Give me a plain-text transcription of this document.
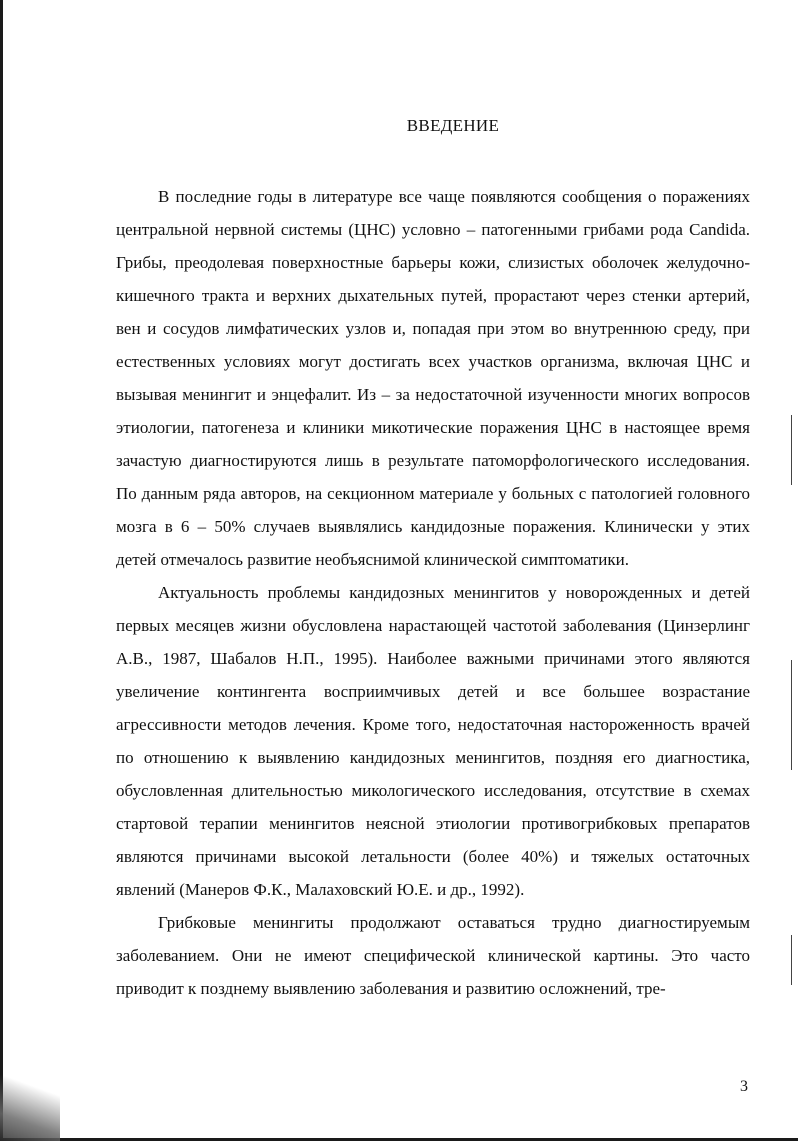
ВВЕДЕНИЕ

В последние годы в литературе все чаще появляются сообщения о поражениях центральной нервной системы (ЦНС) условно – патогенными грибами рода Candida. Грибы, преодолевая поверхностные барьеры кожи, слизистых оболочек желудочно-кишечного тракта и верхних дыхательных путей, прорастают через стенки артерий, вен и сосудов лимфатических узлов и, попадая при этом во внутреннюю среду, при естественных условиях могут достигать всех участков организма, включая ЦНС и вызывая менингит и энцефалит. Из – за недостаточной изученности многих вопросов этиологии, патогенеза и клиники микотические поражения ЦНС в настоящее время зачастую диагностируются лишь в результате патоморфологического исследования. По данным ряда авторов, на секционном материале у больных с патологией головного мозга в 6 – 50% случаев выявлялись кандидозные поражения. Клинически у этих детей отмечалось развитие необъяснимой клинической симптоматики.

Актуальность проблемы кандидозных менингитов у новорожденных и детей первых месяцев жизни обусловлена нарастающей частотой заболевания (Цинзерлинг А.В., 1987, Шабалов Н.П., 1995). Наиболее важными причинами этого являются увеличение контингента восприимчивых детей и все большее возрастание агрессивности методов лечения. Кроме того, недостаточная настороженность врачей по отношению к выявлению кандидозных менингитов, поздняя его диагностика, обусловленная длительностью микологического исследования, отсутствие в схемах стартовой терапии менингитов неясной этиологии противогрибковых препаратов являются причинами высокой летальности (более 40%) и тяжелых остаточных явлений (Манеров Ф.К., Малаховский Ю.Е. и др., 1992).

Грибковые менингиты продолжают оставаться трудно диагностируемым заболеванием. Они не имеют специфической клинической картины. Это часто приводит к позднему выявлению заболевания и развитию осложнений, тре-

3
